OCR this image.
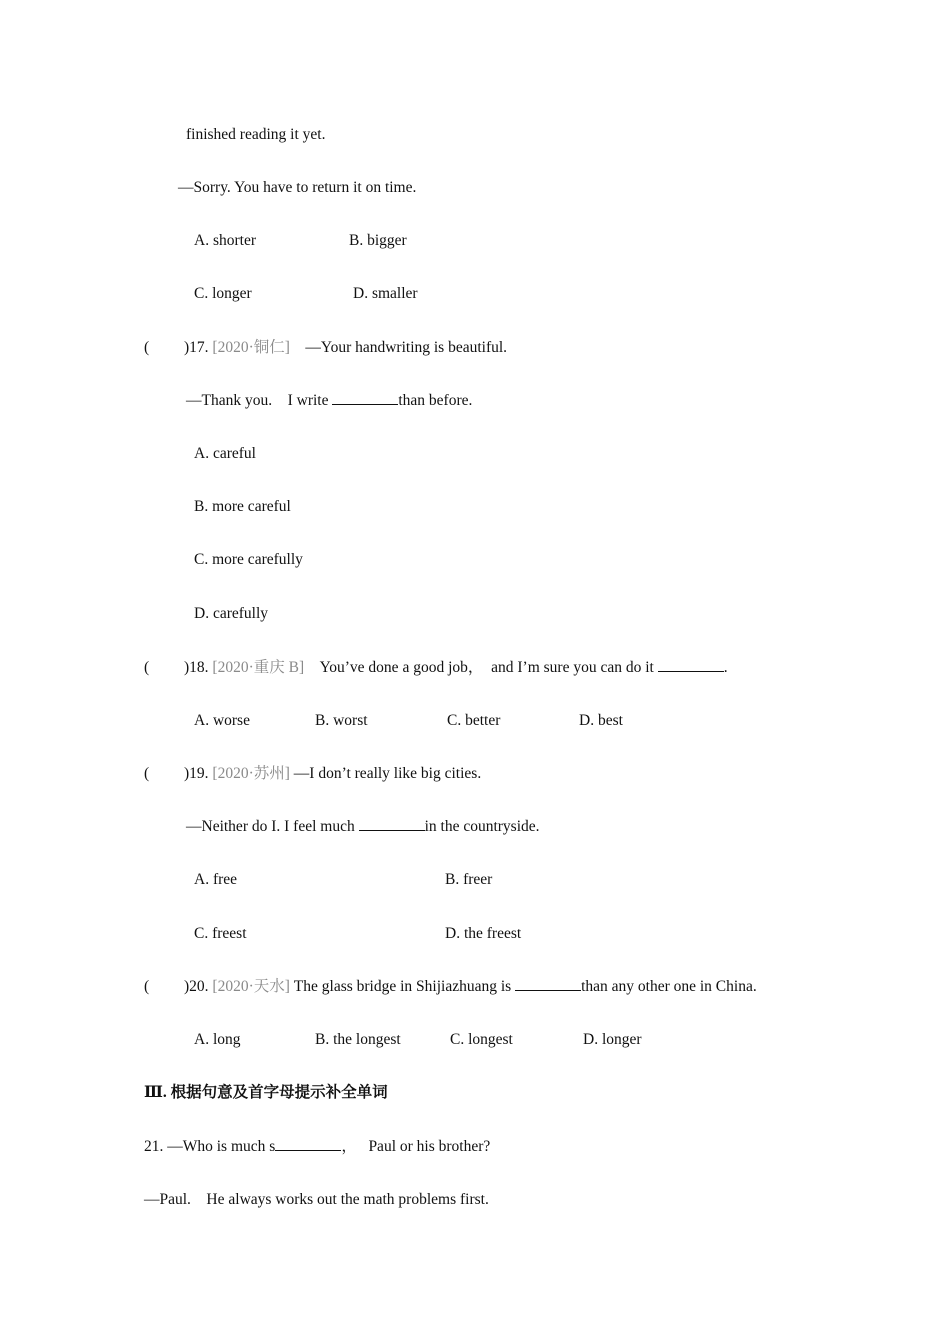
finished reading it yet.
—Sorry. You have to return it on time.
A. shorter	B. bigger
C. longer	D. smaller
( )17. [2020·铜仁] —Your handwriting is beautiful.
—Thank you.    I write	than before.
A. careful
B. more careful
C. more carefully
D. carefully
( )18. [2020·重庆 B] You’ve done a good job，  and I’m sure you can do it	.
A. worse	B. worst	C. better	D. best
( )19. [2020·苏州] —I don’t really like big cities.
—Neither do I. I feel much	in the countryside.
A. free	B. freer
C. freest	D. the freest
( )20. [2020·天水] The glass bridge in Shijiazhuang is	than any other one in China.
A. long	B. the longest	C. longest	D. longer
Ⅲ. 根据句意及首字母提示补全单词
21. —Who is much s	，   Paul or his brother?
—Paul.    He always works out the math problems first.
